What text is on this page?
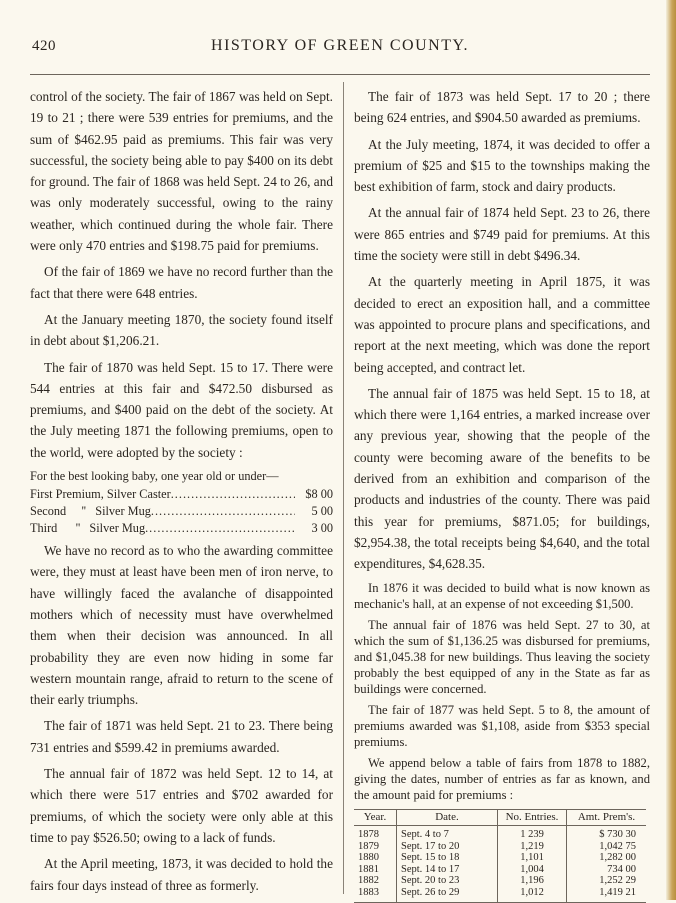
420	HISTORY OF GREEN COUNTY.

control of the society. The fair of 1867 was held on Sept. 19 to 21 ; there were 539 entries for premiums, and the sum of $462.95 paid as premiums. This fair was very successful, the society being able to pay $400 on its debt for ground. The fair of 1868 was held Sept. 24 to 26, and was only moderately successful, owing to the rainy weather, which continued during the whole fair. There were only 470 entries and $198.75 paid for premiums.

Of the fair of 1869 we have no record further than the fact that there were 648 entries.

At the January meeting 1870, the society found itself in debt about $1,206.21.

The fair of 1870 was held Sept. 15 to 17. There were 544 entries at this fair and $472.50 disbursed as premiums, and $400 paid on the debt of the society. At the July meeting 1871 the following premiums, open to the world, were adopted by the society :

For the best looking baby, one year old or under—
First Premium, Silver Caster .....	$8 00
Second     ''   Silver Mug .....	5 00
Third      ''   Silver Mug .....	3 00

We have no record as to who the awarding committee were, they must at least have been men of iron nerve, to have willingly faced the avalanche of disappointed mothers which of necessity must have overwhelmed them when their decision was announced. In all probability they are even now hiding in some far western mountain range, afraid to return to the scene of their early triumphs.

The fair of 1871 was held Sept. 21 to 23. There being 731 entries and $599.42 in premiums awarded.

The annual fair of 1872 was held Sept. 12 to 14, at which there were 517 entries and $702 awarded for premiums, of which the society were only able at this time to pay $526.50; owing to a lack of funds.

At the April meeting, 1873, it was decided to hold the fairs four days instead of three as formerly.

The fair of 1873 was held Sept. 17 to 20 ; there being 624 entries, and $904.50 awarded as premiums.

At the July meeting, 1874, it was decided to offer a premium of $25 and $15 to the townships making the best exhibition of farm, stock and dairy products.

At the annual fair of 1874 held Sept. 23 to 26, there were 865 entries and $749 paid for premiums. At this time the society were still in debt $496.34.

At the quarterly meeting in April 1875, it was decided to erect an exposition hall, and a committee was appointed to procure plans and specifications, and report at the next meeting, which was done the report being accepted, and contract let.

The annual fair of 1875 was held Sept. 15 to 18, at which there were 1,164 entries, a marked increase over any previous year, showing that the people of the county were becoming aware of the benefits to be derived from an exhibition and comparison of the products and industries of the county. There was paid this year for premiums, $871.05; for buildings, $2,954.38, the total receipts being $4,640, and the total expenditures, $4,628.35.

In 1876 it was decided to build what is now known as mechanic's hall, at an expense of not exceeding $1,500.

The annual fair of 1876 was held Sept. 27 to 30, at which the sum of $1,136.25 was disbursed for premiums, and $1,045.38 for new buildings. Thus leaving the society probably the best equipped of any in the State as far as buildings were concerned.

The fair of 1877 was held Sept. 5 to 8, the amount of premiums awarded was $1,108, aside from $353 special premiums.

We append below a table of fairs from 1878 to 1882, giving the dates, number of entries as far as known, and the amount paid for premiums :

Year.	Date.	No. Entries.	Amt. Prem's.
1878	Sept. 4 to 7	1 239	$ 730 30
1879	Sept. 17 to 20	1,219	1,042 75
1880	Sept. 15 to 18	1,101	1,282 00
1881	Sept. 14 to 17	1,004	734 00
1882	Sept. 20 to 23	1,196	1,252 29
1883	Sept. 26 to 29	1,012	1,419 21
